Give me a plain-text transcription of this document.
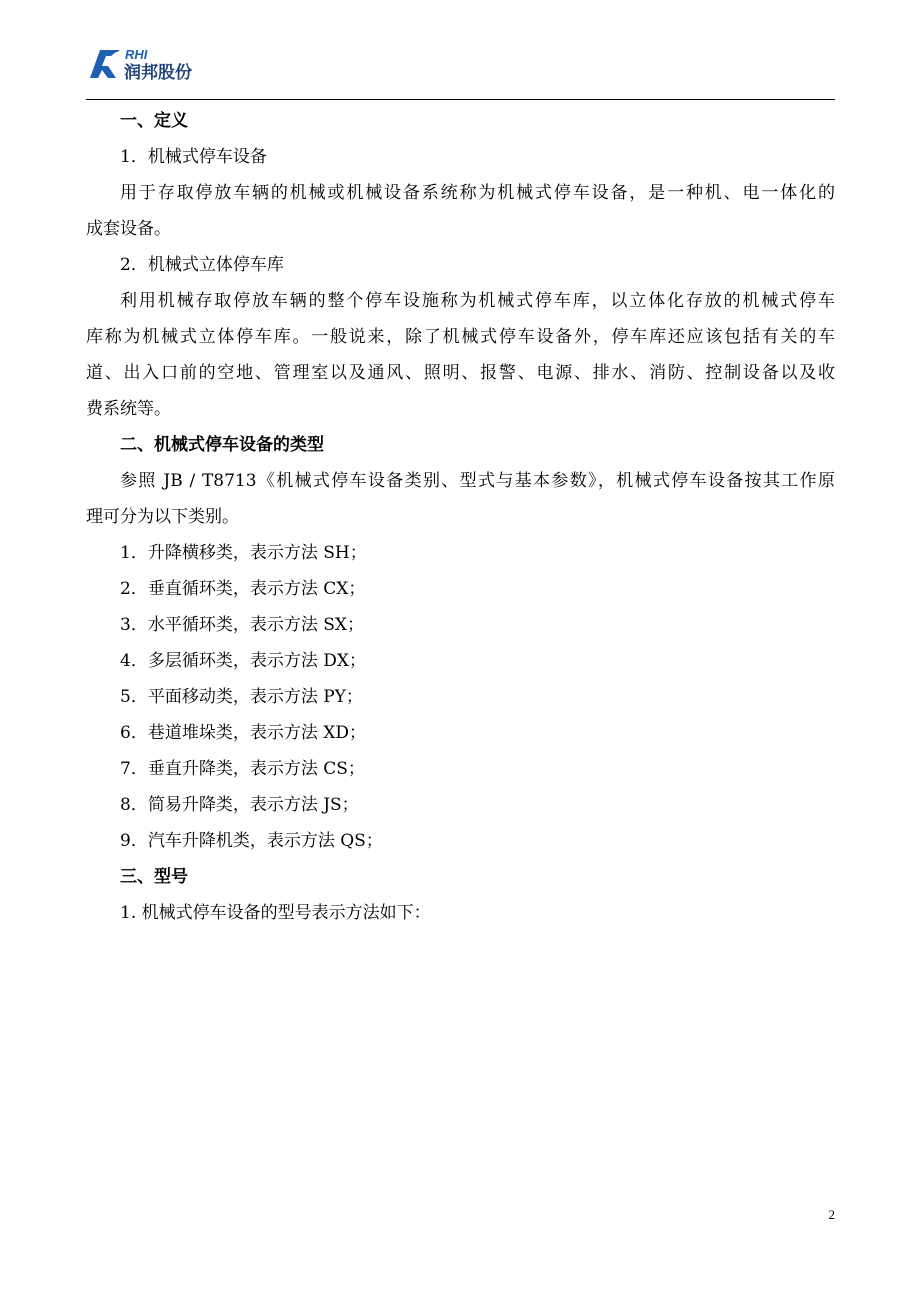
RHI
润邦股份
一、定义
1．机械式停车设备
用于存取停放车辆的机械或机械设备系统称为机械式停车设备，是一种机、电一体化的
成套设备。
2．机械式立体停车库
利用机械存取停放车辆的整个停车设施称为机械式停车库，以立体化存放的机械式停车
库称为机械式立体停车库。一般说来，除了机械式停车设备外，停车库还应该包括有关的车
道、出入口前的空地、管理室以及通风、照明、报警、电源、排水、消防、控制设备以及收
费系统等。
二、机械式停车设备的类型
参照 JB / T8713《机械式停车设备类别、型式与基本参数》，机械式停车设备按其工作原
理可分为以下类别。
1．升降横移类，表示方法 SH；
2．垂直循环类，表示方法 CX；
3．水平循环类，表示方法 SX；
4．多层循环类，表示方法 DX；
5．平面移动类，表示方法 PY；
6．巷道堆垛类，表示方法 XD；
7．垂直升降类，表示方法 CS；
8．简易升降类，表示方法 JS；
9．汽车升降机类，表示方法 QS；
三、型号
1. 机械式停车设备的型号表示方法如下：
2
